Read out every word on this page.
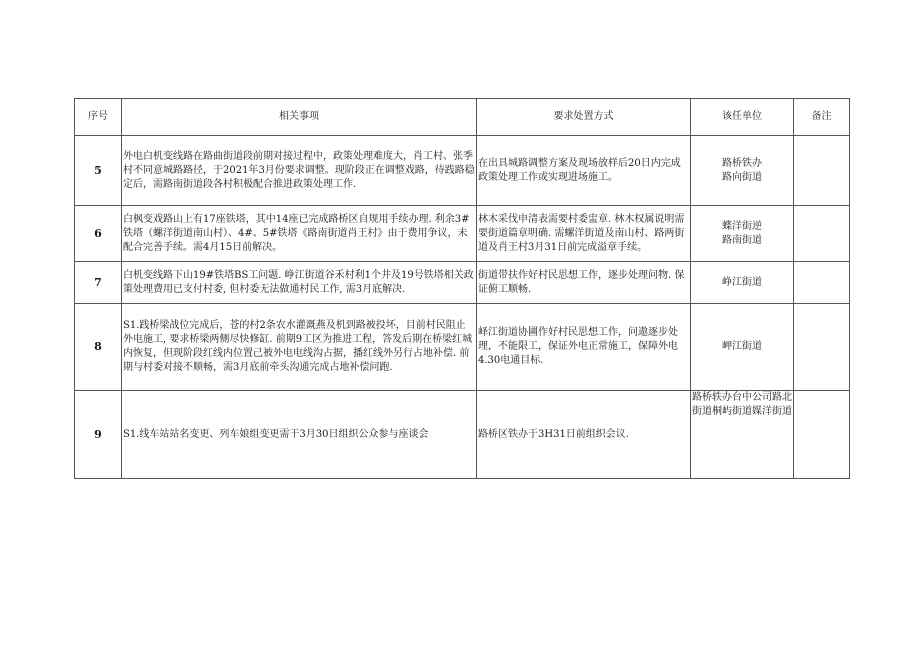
序号	相关事项	要求处置方式	该任单位	备注
5	外电白机变线路在路曲街道段前期对接过程中，政策处理难度大，肖工村、张季村不同意城路路径，于2021年3月份要求调整。现阶段正在调整戏路，待践路稳定后，需路南街道段各村积极配合推进政策处理工作.	在出具城路调整方案及现场放样后20日内完成政策处理工作或实现进场施工。	路桥铁办
路向街道	
6	白枫变戏路山上有17座铁塔，其中14座已完成路桥区自规用手续办理. 利余3#铁塔（螺洋街道南山村）、4#、5#铁塔《路南街道肖王村》由于费用争议，未配合完善手续。需4月15日前解决。	林木采伐申清表需要村委盅章. 林木权属说明需要街道篇章明确. 需螺洋街道及南山村、路两街道及肖王村3月31日前完成溢章手续。	蝶洋街逆
路南街道	
7	白机变线路下山19#铁塔BS工问题. 峥江街道谷禾村利1个井及19号铁塔相关政策处理费用已支付村委, 但村委无法做通村民工作, 需3月底解决.	街道带扶作好村民思想工作，逐步处理问物. 保证俯工顺畅.	峥江街道	
8	S1.践桥梁战位完成后，苍的村2条农水灌溉燕及机到路被投坏，目前村民阻止外电施工, 要求桥梁两侧尽快修缸. 前期9工区为推进工程，答发后期在桥梁红城内恢复，但现阶段红线内位置己被外电电线沟占据，播红线外另行占地补偿. 前期与村委对接不顺畅，需3月底前牵头沟通完成占地补偿问跑.	峄江街道协圃作好村民思想工作，问遨逐步处理，不能限工，保证外电正常施工，保障外电4.30电通目标.	岬江街道	
9	S1.线车站站名变更、列车娘组变更需干3月30日组织公众参与座谈会	路桥区铁办于3H31日前组织会议.	路桥轶办台中公司路北街道桐屿街道媒洋街道	
